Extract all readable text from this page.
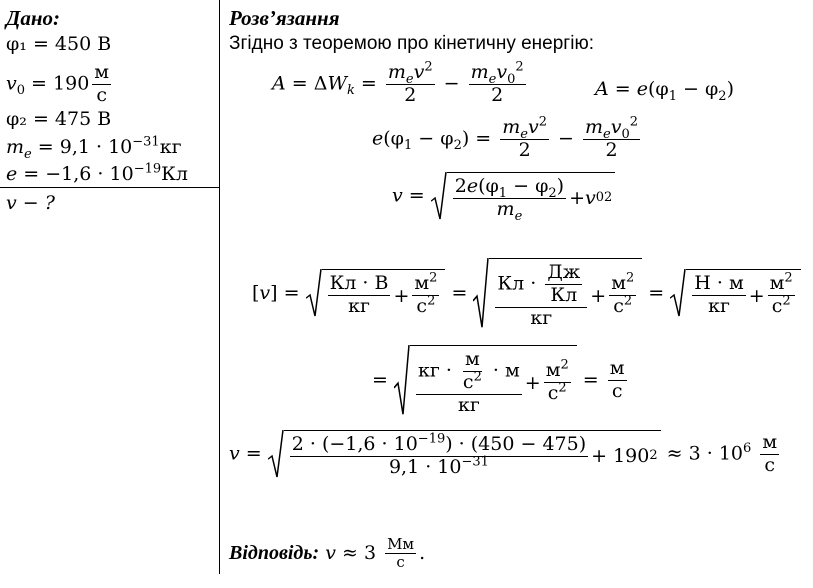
Дано:
φ₁ = 450 В
$v_0 = 190 \frac{м}{с}$
φ₂ = 475 В
$m_e = 9,1 \cdot 10^{-31}кг$
$e = -1,6 \cdot 10^{-19}Кл$
v − ?
Розв’язання
Згідно з теоремою про кінетичну енергію:
$A = \Delta W_k = \frac{m_ev^2}{2} - \frac{m_ev_0^2}{2}$	$A = e(\varphi_1 - \varphi_2)$
$e(\varphi_1 - \varphi_2) = \frac{m_ev^2}{2} - \frac{m_ev_0^2}{2}$
$v = \frac{2e(\varphi_1 - \varphi_2)}{m_e} + v$ 0 2
$[v] = \frac{Кл \cdot В}{кг} + \frac{м^2}{с^2} = \frac{Кл \cdot \frac{Дж}{Кл}}{кг} + \frac{м^2}{с^2} = \frac{Н \cdot м}{кг} + \frac{м^2}{с^2}$
= $\frac{кг \cdot \frac{м}{с^2} \cdot м}{кг} + \frac{м^2}{с^2} = \frac{м}{с}$
$v = \frac{2 \cdot (-1,6 \cdot 10^{-19}) \cdot (450 - 475)}{9,1 \cdot 10^{-31}} + 190$ $2 \approx 3 \cdot 10^6 \frac{м}{с}$
Відповідь: $v \approx 3 \frac{Мм}{с}$ .
